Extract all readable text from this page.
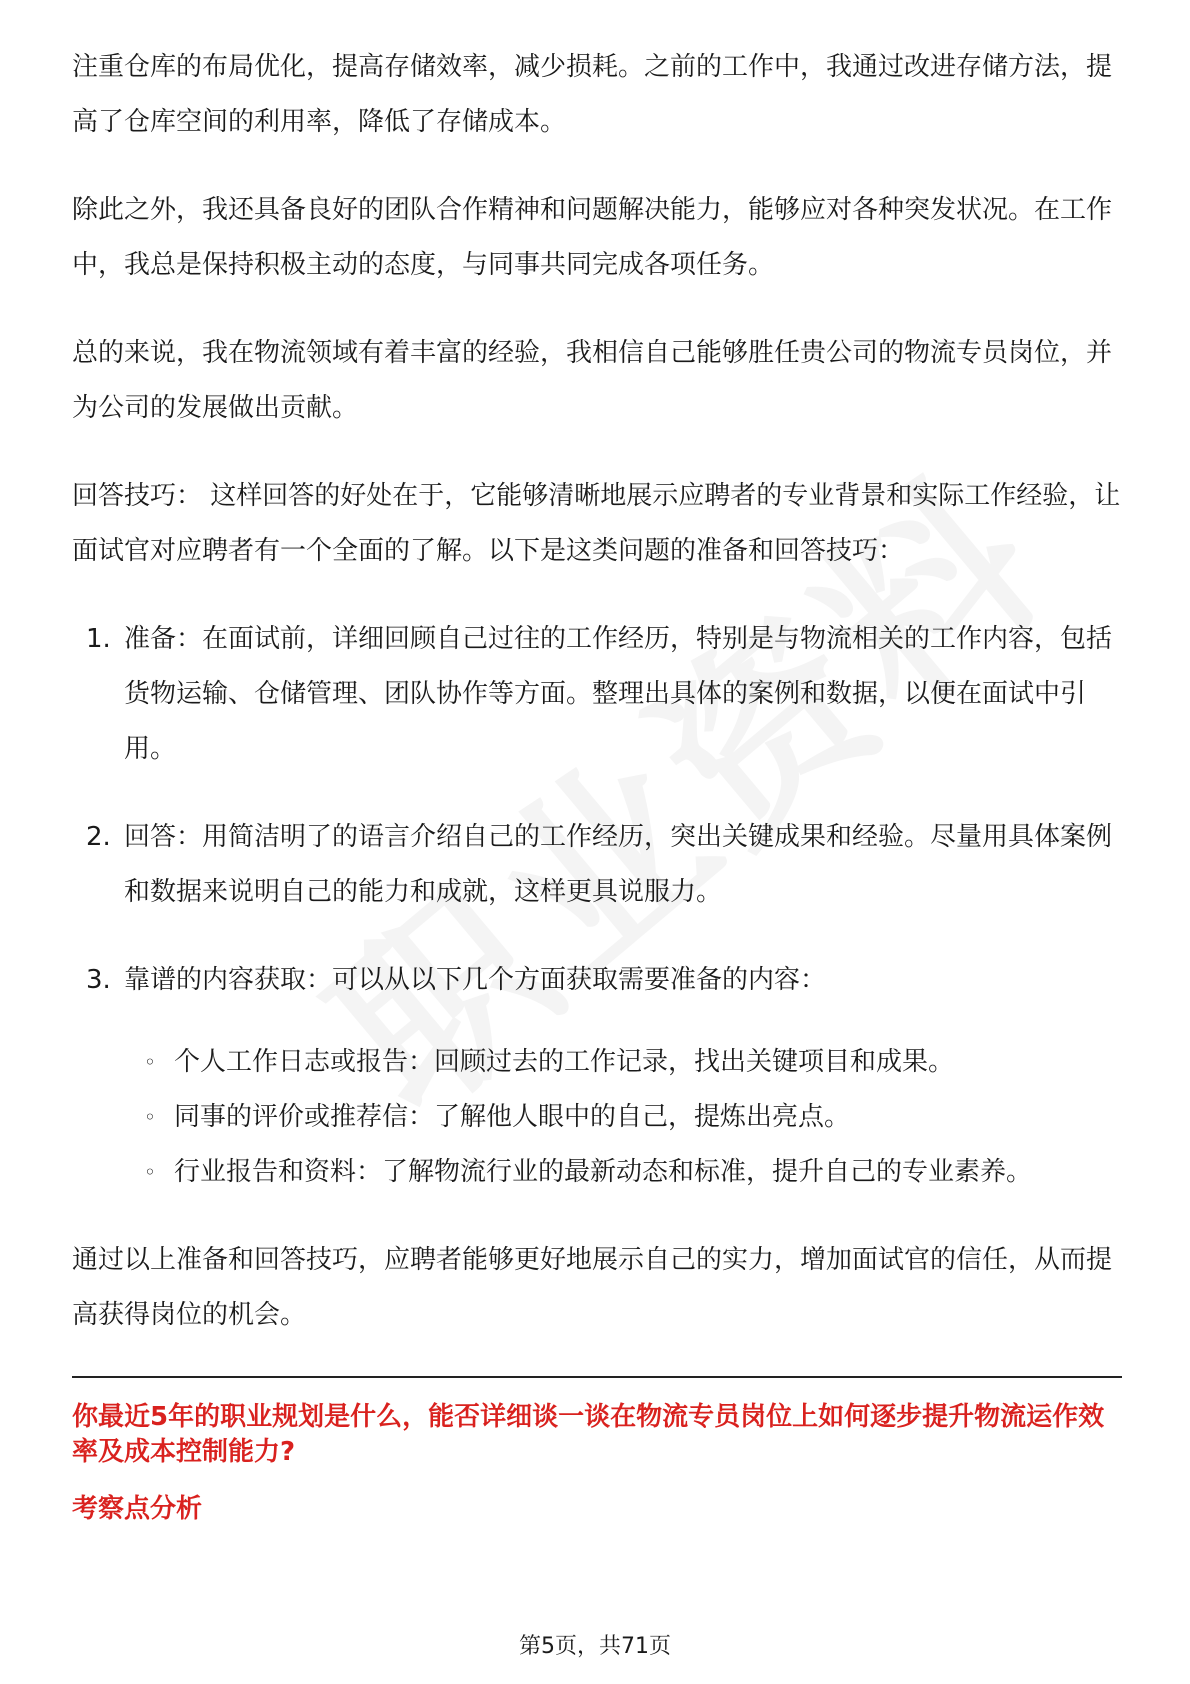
注重仓库的布局优化，提高存储效率，减少损耗。之前的工作中，我通过改进存储方法，提高了仓库空间的利用率，降低了存储成本。

除此之外，我还具备良好的团队合作精神和问题解决能力，能够应对各种突发状况。在工作中，我总是保持积极主动的态度，与同事共同完成各项任务。

总的来说，我在物流领域有着丰富的经验，我相信自己能够胜任贵公司的物流专员岗位，并为公司的发展做出贡献。

回答技巧： 这样回答的好处在于，它能够清晰地展示应聘者的专业背景和实际工作经验，让面试官对应聘者有一个全面的了解。以下是这类问题的准备和回答技巧：

1. 准备：在面试前，详细回顾自己过往的工作经历，特别是与物流相关的工作内容，包括货物运输、仓储管理、团队协作等方面。整理出具体的案例和数据，以便在面试中引用。
2. 回答：用简洁明了的语言介绍自己的工作经历，突出关键成果和经验。尽量用具体案例和数据来说明自己的能力和成就，这样更具说服力。
3. 靠谱的内容获取：可以从以下几个方面获取需要准备的内容：
◦ 个人工作日志或报告：回顾过去的工作记录，找出关键项目和成果。
◦ 同事的评价或推荐信：了解他人眼中的自己，提炼出亮点。
◦ 行业报告和资料：了解物流行业的最新动态和标准，提升自己的专业素养。

通过以上准备和回答技巧，应聘者能够更好地展示自己的实力，增加面试官的信任，从而提高获得岗位的机会。

你最近5年的职业规划是什么，能否详细谈一谈在物流专员岗位上如何逐步提升物流运作效率及成本控制能力?
考察点分析
第5页，共71页
